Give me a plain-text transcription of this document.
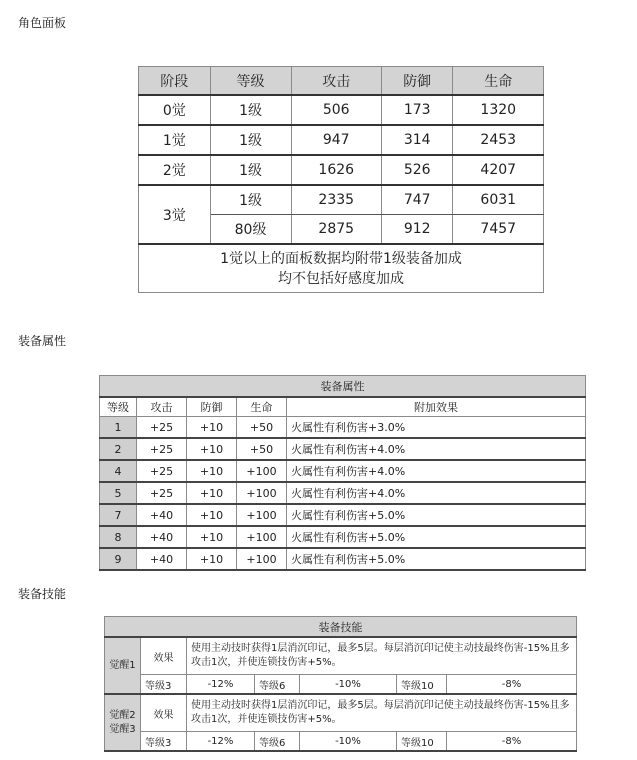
角色面板
阶段	等级	攻击	防御	生命
0觉	1级	506	173	1320
1觉	1级	947	314	2453
2觉	1级	1626	526	4207
3觉	1级	2335	747	6031
	80级	2875	912	7457

1觉以上的面板数据均附带1级装备加成
均不包括好感度加成				
装备属性
装备属性				
等级	攻击	防御	生命	附加效果
1	+25	+10	+50	火属性有利伤害+3.0%
2	+25	+10	+50	火属性有利伤害+4.0%
4	+25	+10	+100	火属性有利伤害+4.0%
5	+25	+10	+100	火属性有利伤害+4.0%
7	+40	+10	+100	火属性有利伤害+5.0%
8	+40	+10	+100	火属性有利伤害+5.0%
9	+40	+10	+100	火属性有利伤害+5.0%
装备技能
装备技能						
觉醒1	效果	使用主动技时获得1层消沉印记，最多5层。每层消沉印记使主动技最终伤害-15%且多攻击1次，并使连锁技伤害+5%。				
	等级3	-12%	等级6	-10%	等级10	-8%
觉醒2
觉醒3	效果	使用主动技时获得1层消沉印记，最多5层。每层消沉印记使主动技最终伤害-15%且多攻击1次，并使连锁技伤害+5%。				
	等级3	-12%	等级6	-10%	等级10	-8%
